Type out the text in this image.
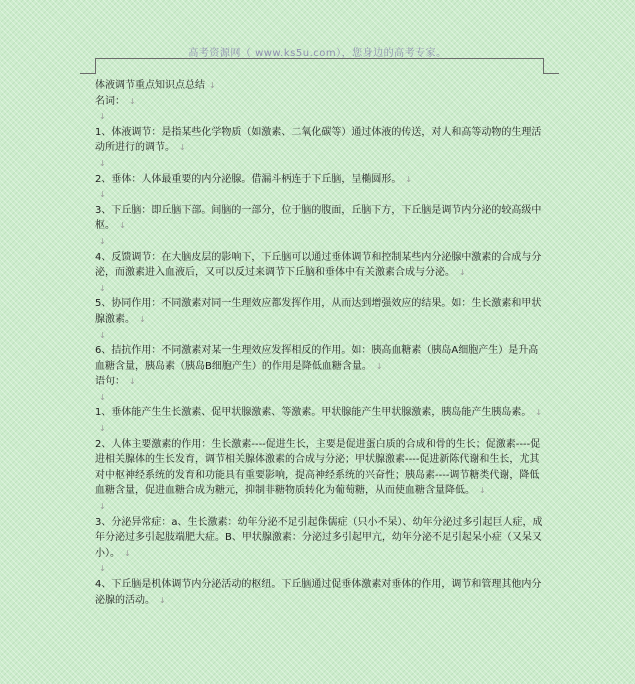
高考资源网（ www.ks5u.com），您身边的高考专家。

体液调节重点知识点总结 ↓

名词： ↓

↓

1、体液调节：是指某些化学物质（如激素、二氧化碳等）通过体液的传送，对人和高等动物的生理活动所进行的调节。 ↓

↓

2、垂体：人体最重要的内分泌腺。借漏斗柄连于下丘脑，呈椭圆形。 ↓

↓

3、下丘脑：即丘脑下部。间脑的一部分，位于脑的腹面，丘脑下方，下丘脑是调节内分泌的较高级中枢。 ↓

↓

4、反馈调节：在大脑皮层的影响下，下丘脑可以通过垂体调节和控制某些内分泌腺中激素的合成与分泌，而激素进入血液后，又可以反过来调节下丘脑和垂体中有关激素合成与分泌。 ↓

↓

5、协同作用：不同激素对同一生理效应都发挥作用，从而达到增强效应的结果。如：生长激素和甲状腺激素。 ↓

↓

6、拮抗作用：不同激素对某一生理效应发挥相反的作用。如：胰高血糖素（胰岛A细胞产生）是升高血糖含量，胰岛素（胰岛B细胞产生）的作用是降低血糖含量。 ↓

语句： ↓

↓

1、垂体能产生生长激素、促甲状腺激素、等激素。甲状腺能产生甲状腺激素，胰岛能产生胰岛素。 ↓

↓

2、人体主要激素的作用：生长激素----促进生长，主要是促进蛋白质的合成和骨的生长；促激素----促进相关腺体的生长发育，调节相关腺体激素的合成与分泌；甲状腺激素----促进新陈代谢和生长，尤其对中枢神经系统的发育和功能具有重要影响，提高神经系统的兴奋性；胰岛素----调节糖类代谢，降低血糖含量，促进血糖合成为糖元，抑制非糖物质转化为葡萄糖，从而使血糖含量降低。 ↓

↓

3、分泌异常症：a、生长激素：幼年分泌不足引起侏儒症（只小不呆）、幼年分泌过多引起巨人症，成年分泌过多引起肢端肥大症。B、甲状腺激素：分泌过多引起甲亢，幼年分泌不足引起呆小症（又呆又小）。 ↓

↓

4、下丘脑是机体调节内分泌活动的枢纽。下丘脑通过促垂体激素对垂体的作用，调节和管理其他内分泌腺的活动。 ↓
